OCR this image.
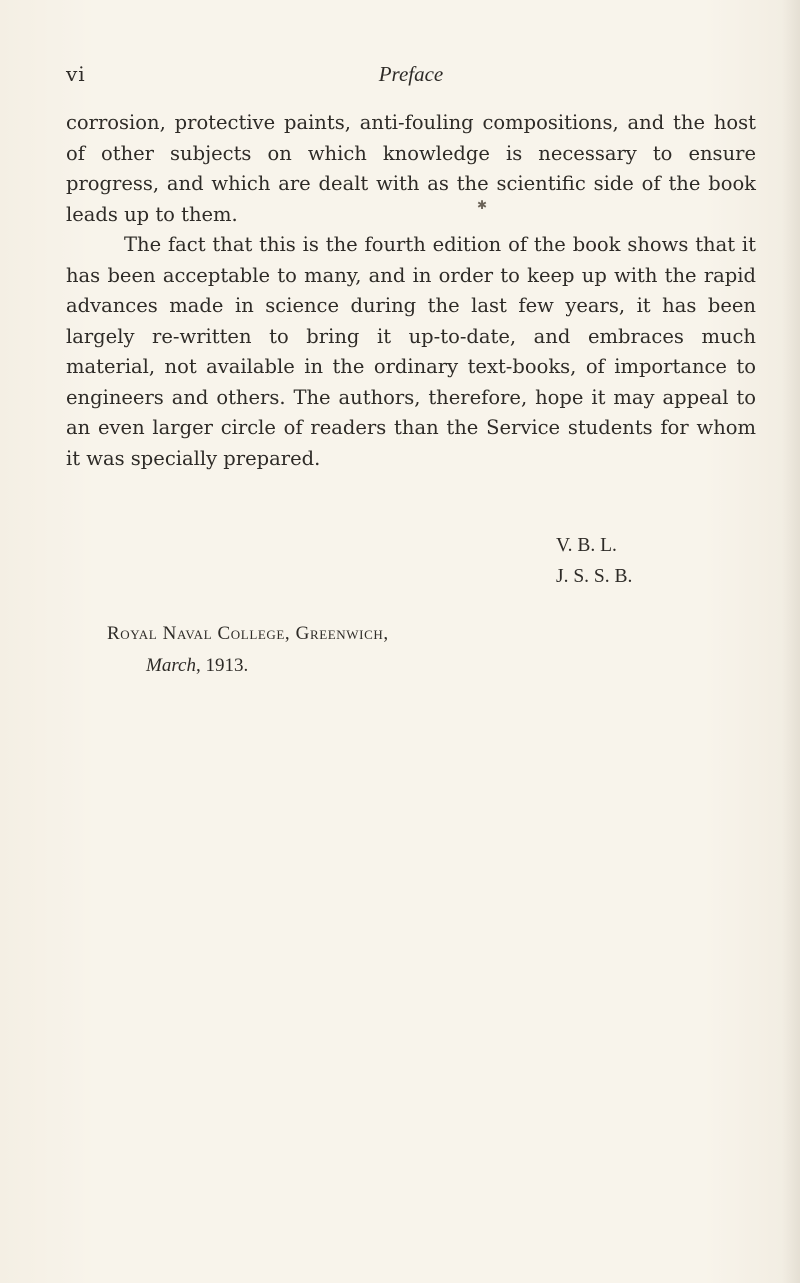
vi	Preface

corrosion, protective paints, anti-fouling compositions, and the host of other subjects on which knowledge is necessary to ensure progress, and which are dealt with as the scientific side of the book leads up to them.

The fact that this is the fourth edition of the book shows that it has been acceptable to many, and in order to keep up with the rapid advances made in science during the last few years, it has been largely re-written to bring it up-to-date, and embraces much material, not available in the ordinary text-books, of importance to engineers and others. The authors, therefore, hope it may appeal to an even larger circle of readers than the Service students for whom it was specially prepared.

✱
V. B. L.
J. S. S. B.
Royal Naval College, Greenwich,
March, 1913.
